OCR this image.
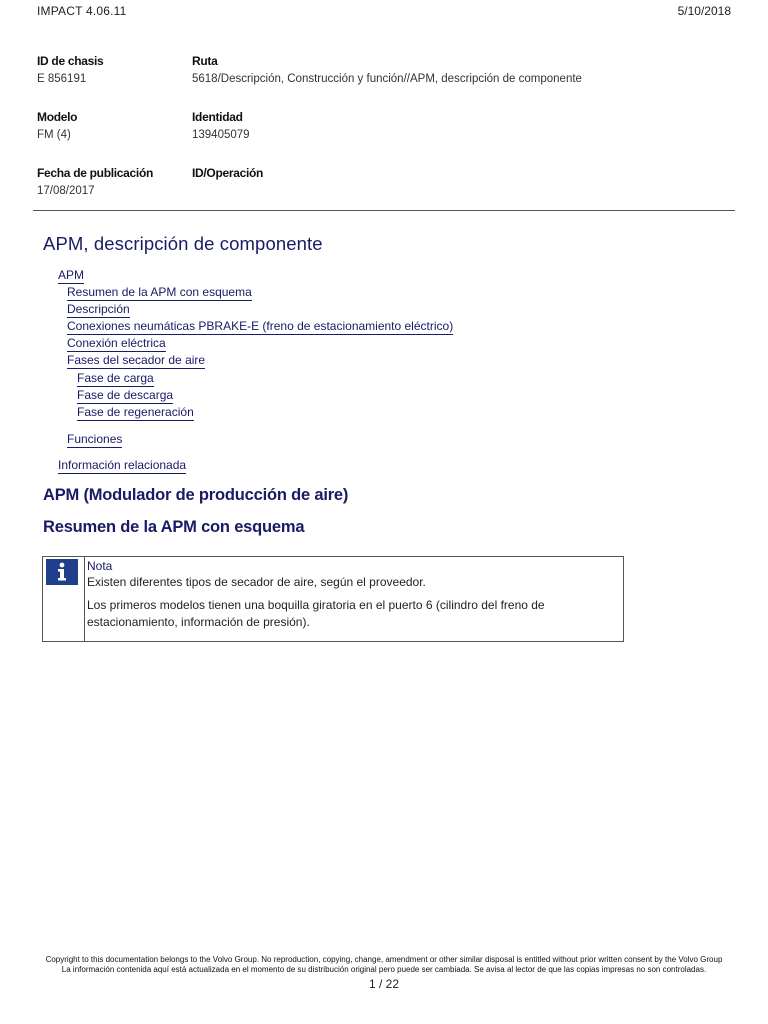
IMPACT 4.06.11	5/10/2018
ID de chasis
E 856191
Ruta
5618/Descripción, Construcción y función//APM, descripción de componente
Modelo
FM (4)
Identidad
139405079
Fecha de publicación
17/08/2017
ID/Operación
APM, descripción de componente
APM
Resumen de la APM con esquema
Descripción
Conexiones neumáticas PBRAKE-E (freno de estacionamiento eléctrico)
Conexión eléctrica
Fases del secador de aire
Fase de carga
Fase de descarga
Fase de regeneración
Funciones
Información relacionada
APM (Modulador de producción de aire)
Resumen de la APM con esquema
Nota

Existen diferentes tipos de secador de aire, según el proveedor.

Los primeros modelos tienen una boquilla giratoria en el puerto 6 (cilindro del freno de estacionamiento, información de presión).

Copyright to this documentation belongs to the Volvo Group. No reproduction, copying, change, amendment or other similar disposal is entitled without prior written consent by the Volvo Group
La información contenida aquí está actualizada en el momento de su distribución original pero puede ser cambiada. Se avisa al lector de que las copias impresas no son controladas.
1 / 22
